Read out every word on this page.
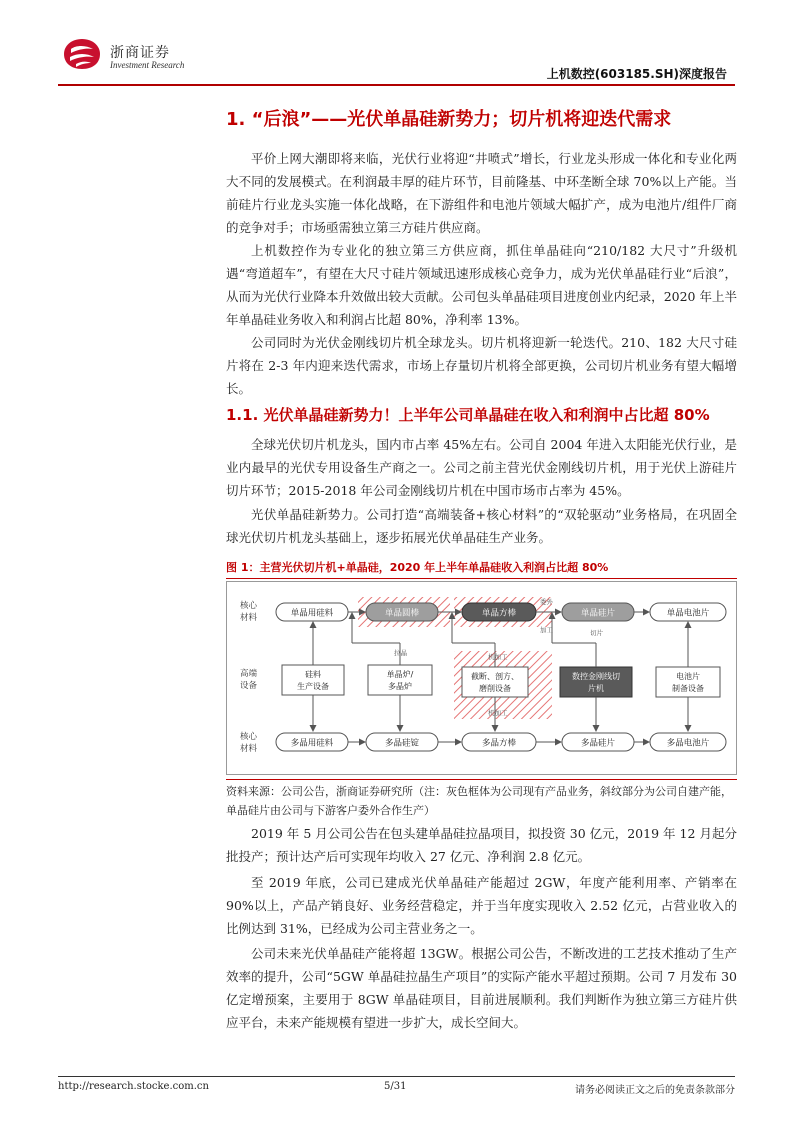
浙商证券
Investment Research
上机数控(603185.SH)深度报告
1. “后浪”——光伏单晶硅新势力；切片机将迎迭代需求

平价上网大潮即将来临，光伏行业将迎“井喷式”增长，行业龙头形成一体化和专业化两大不同的发展模式。在利润最丰厚的硅片环节，目前隆基、中环垄断全球 70%以上产能。当前硅片行业龙头实施一体化战略，在下游组件和电池片领域大幅扩产，成为电池片/组件厂商的竞争对手；市场亟需独立第三方硅片供应商。

上机数控作为专业化的独立第三方供应商，抓住单晶硅向“210/182 大尺寸”升级机遇“弯道超车”，有望在大尺寸硅片领域迅速形成核心竞争力，成为光伏单晶硅行业“后浪”，从而为光伏行业降本升效做出较大贡献。公司包头单晶硅项目进度创业内纪录，2020 年上半年单晶硅业务收入和利润占比超 80%，净利率 13%。

公司同时为光伏金刚线切片机全球龙头。切片机将迎新一轮迭代。210、182 大尺寸硅片将在 2-3 年内迎来迭代需求，市场上存量切片机将全部更换，公司切片机业务有望大幅增长。

1.1. 光伏单晶硅新势力！上半年公司单晶硅在收入和利润中占比超 80%

全球光伏切片机龙头，国内市占率 45%左右。公司自 2004 年进入太阳能光伏行业，是业内最早的光伏专用设备生产商之一。公司之前主营光伏金刚线切片机，用于光伏上游硅片切片环节；2015-2018 年公司金刚线切片机在中国市场市占率为 45%。

光伏单晶硅新势力。公司打造“高端装备+核心材料”的“双轮驱动”业务格局，在巩固全球光伏切片机龙头基础上，逐步拓展光伏单晶硅生产业务。

图 1：主营光伏切片机+单晶硅，2020 年上半年单晶硅收入利润占比超 80%
核心
材料
高端
设备
核心
材料
单晶用硅料	单晶圆棒	单晶方棒	单晶硅片	单晶电池片
委外
加工
硅料
生产设备
单晶炉/
多晶炉
截断、剖方、
磨削设备
数控金刚线切
片机
电池片
制备设备
拉晶	机加工
机加工
切片
多晶用硅料	多晶硅锭	多晶方棒	多晶硅片	多晶电池片

资料来源：公司公告，浙商证券研究所（注：灰色框体为公司现有产品业务，斜纹部分为公司自建产能，单晶硅片由公司与下游客户委外合作生产）

2019 年 5 月公司公告在包头建单晶硅拉晶项目，拟投资 30 亿元，2019 年 12 月起分批投产；预计达产后可实现年均收入 27 亿元、净利润 2.8 亿元。

至 2019 年底，公司已建成光伏单晶硅产能超过 2GW，年度产能利用率、产销率在 90%以上，产品产销良好、业务经营稳定，并于当年度实现收入 2.52 亿元，占营业收入的比例达到 31%，已经成为公司主营业务之一。

公司未来光伏单晶硅产能将超 13GW。根据公司公告，不断改进的工艺技术推动了生产效率的提升，公司“5GW 单晶硅拉晶生产项目”的实际产能水平超过预期。公司 7 月发布 30 亿定增预案，主要用于 8GW 单晶硅项目，目前进展顺利。我们判断作为独立第三方硅片供应平台，未来产能规模有望进一步扩大，成长空间大。

http://research.stocke.com.cn	5/31	请务必阅读正文之后的免责条款部分
